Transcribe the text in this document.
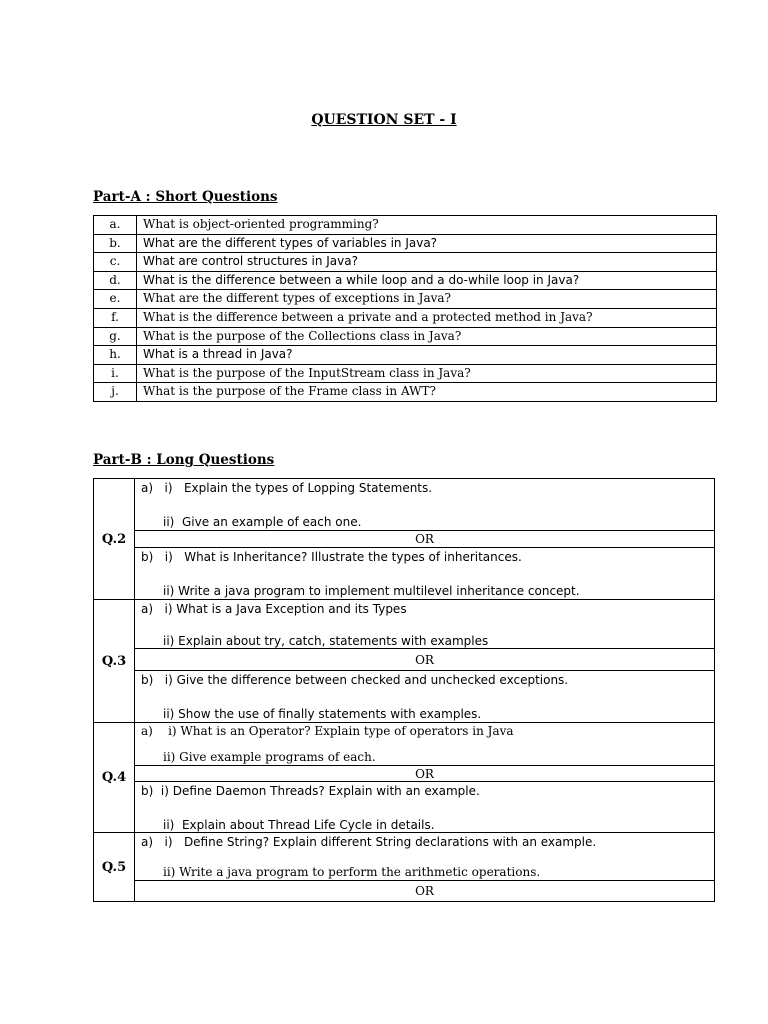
QUESTION SET - I
Part-A : Short Questions
a.	What is object-oriented programming?
b.	What are the different types of variables in Java?
c.	What are control structures in Java?
d.	What is the difference between a while loop and a do-while loop in Java?
e.	What are the different types of exceptions in Java?
f.	What is the difference between a private and a protected method in Java?
g.	What is the purpose of the Collections class in Java?
h.	What is a thread in Java?
i.	What is the purpose of the InputStream class in Java?
j.	What is the purpose of the Frame class in AWT?
Part-B : Long Questions
Q.2	a)   i)   Explain the types of Lopping Statements.
ii)  Give an example of each one.

	OR

	b)   i)   What is Inheritance? Illustrate the types of inheritances.
ii) Write a java program to implement multilevel inheritance concept.

Q.3	a)   i) What is a Java Exception and its Types
ii) Explain about try, catch, statements with examples

	OR

	b)   i) Give the difference between checked and unchecked exceptions.
ii) Show the use of finally statements with examples.

Q.4	a)    i) What is an Operator? Explain type of operators in Java
ii) Give example programs of each.

	OR

	b)  i) Define Daemon Threads? Explain with an example.
ii)  Explain about Thread Life Cycle in details.

Q.5	a)   i)   Define String? Explain different String declarations with an example.
ii) Write a java program to perform the arithmetic operations.

	OR
